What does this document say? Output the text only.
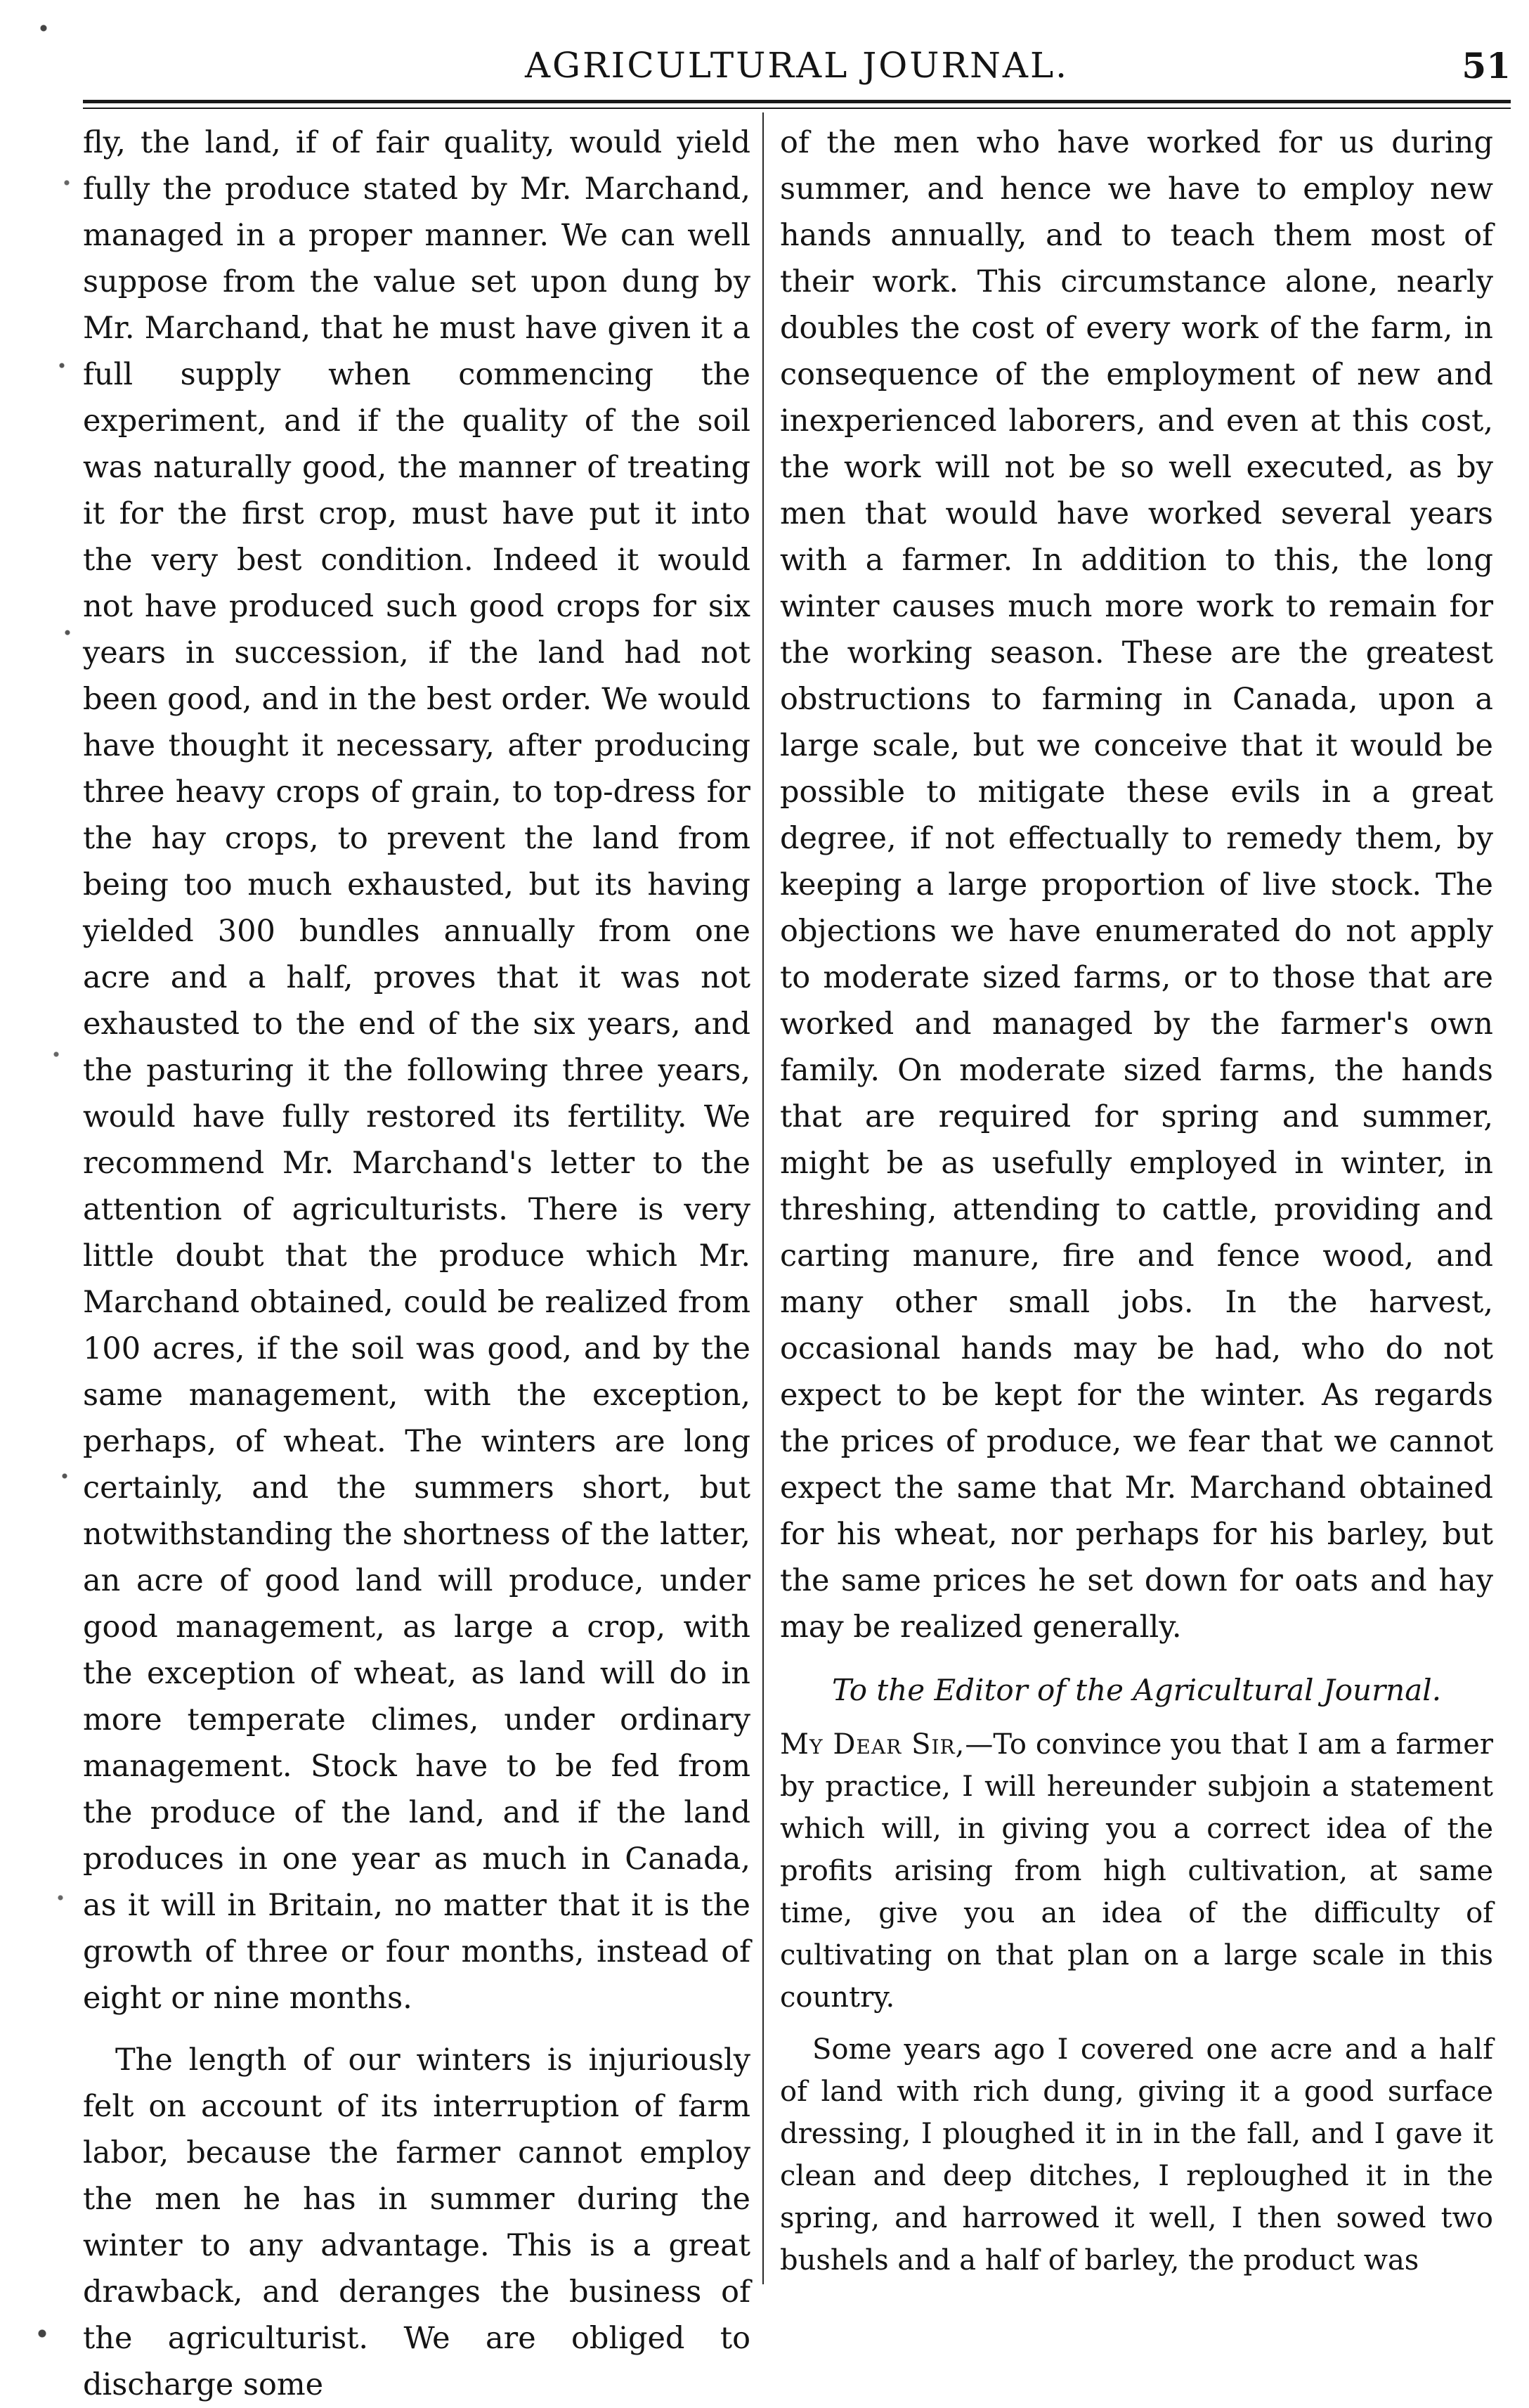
AGRICULTURAL JOURNAL.	51

fly, the land, if of fair quality, would yield fully the produce stated by Mr. Marchand, managed in a proper manner. We can well suppose from the value set upon dung by Mr. Marchand, that he must have given it a full supply when commencing the experiment, and if the quality of the soil was naturally good, the manner of treating it for the first crop, must have put it into the very best condition. Indeed it would not have produced such good crops for six years in succession, if the land had not been good, and in the best order. We would have thought it necessary, after producing three heavy crops of grain, to top-dress for the hay crops, to prevent the land from being too much exhausted, but its having yielded 300 bundles annually from one acre and a half, proves that it was not exhausted to the end of the six years, and the pasturing it the following three years, would have fully restored its fertility. We recommend Mr. Marchand's letter to the attention of agriculturists. There is very little doubt that the produce which Mr. Marchand obtained, could be realized from 100 acres, if the soil was good, and by the same management, with the exception, perhaps, of wheat. The winters are long certainly, and the summers short, but notwithstanding the shortness of the latter, an acre of good land will produce, under good management, as large a crop, with the exception of wheat, as land will do in more temperate climes, under ordinary management. Stock have to be fed from the produce of the land, and if the land produces in one year as much in Canada, as it will in Britain, no matter that it is the growth of three or four months, instead of eight or nine months.

The length of our winters is injuriously felt on account of its interruption of farm labor, because the farmer cannot employ the men he has in summer during the winter to any advantage. This is a great drawback, and deranges the business of the agriculturist. We are obliged to discharge some

of the men who have worked for us during summer, and hence we have to employ new hands annually, and to teach them most of their work. This circumstance alone, nearly doubles the cost of every work of the farm, in consequence of the employment of new and inexperienced laborers, and even at this cost, the work will not be so well executed, as by men that would have worked several years with a farmer. In addition to this, the long winter causes much more work to remain for the working season. These are the greatest obstructions to farming in Canada, upon a large scale, but we conceive that it would be possible to mitigate these evils in a great degree, if not effectually to remedy them, by keeping a large proportion of live stock. The objections we have enumerated do not apply to moderate sized farms, or to those that are worked and managed by the farmer's own family. On moderate sized farms, the hands that are required for spring and summer, might be as usefully employed in winter, in threshing, attending to cattle, providing and carting manure, fire and fence wood, and many other small jobs. In the harvest, occasional hands may be had, who do not expect to be kept for the winter. As regards the prices of produce, we fear that we cannot expect the same that Mr. Marchand obtained for his wheat, nor perhaps for his barley, but the same prices he set down for oats and hay may be realized generally.

To the Editor of the Agricultural Journal.

My Dear Sir,—To convince you that I am a farmer by practice, I will hereunder subjoin a statement which will, in giving you a correct idea of the profits arising from high cultivation, at same time, give you an idea of the difficulty of cultivating on that plan on a large scale in this country.

Some years ago I covered one acre and a half of land with rich dung, giving it a good surface dressing, I ploughed it in in the fall, and I gave it clean and deep ditches, I reploughed it in the spring, and harrowed it well, I then sowed two bushels and a half of barley, the product was
